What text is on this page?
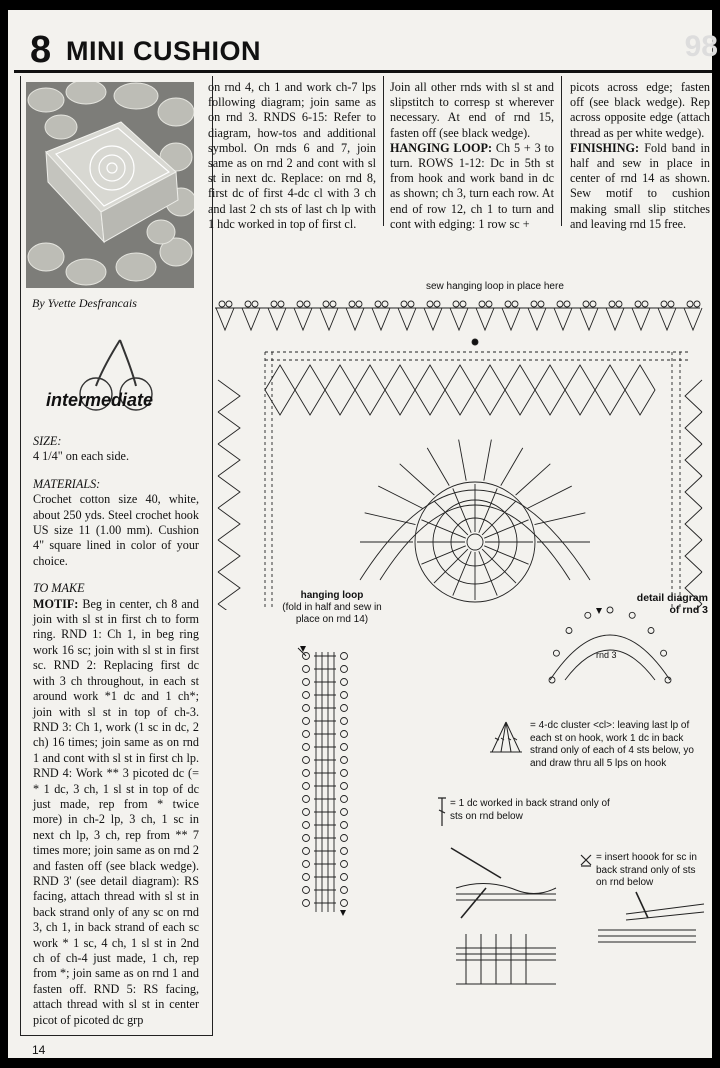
8 MINI CUSHION	98
By Yvette Desfrancais
intermediate

SIZE:

4 1/4" on each side.

MATERIALS:

Crochet cotton size 40, white, about 250 yds. Steel crochet hook US size 11 (1.00 mm). Cushion 4" square lined in color of your choice.

TO MAKE

MOTIF: Beg in center, ch 8 and join with sl st in first ch to form ring. RND 1: Ch 1, in beg ring work 16 sc; join with sl st in first sc. RND 2: Replacing first dc with 3 ch throughout, in each st around work *1 dc and 1 ch*; join with sl st in top of ch-3. RND 3: Ch 1, work (1 sc in dc, 2 ch) 16 times; join same as on rnd 1 and cont with sl st in first ch lp. RND 4: Work ** 3 picoted dc (= * 1 dc, 3 ch, 1 sl st in top of dc just made, rep from * twice more) in ch-2 lp, 3 ch, 1 sc in next ch lp, 3 ch, rep from ** 7 times more; join same as on rnd 2 and fasten off (see black wedge). RND 3' (see detail diagram): RS facing, attach thread with sl st in back strand only of any sc on rnd 3, ch 1, in back strand of each sc work * 1 sc, 4 ch, 1 sl st in 2nd ch of ch-4 just made, 1 ch, rep from *; join same as on rnd 1 and fasten off. RND 5: RS facing, attach thread with sl st in center picot of picoted dc grp

on rnd 4, ch 1 and work ch-7 lps following diagram; join same as on rnd 3. RNDS 6-15: Refer to diagram, how-tos and additional symbol. On rnds 6 and 7, join same as on rnd 2 and cont with sl st in next dc. Replace: on rnd 8, first dc of first 4-dc cl with 3 ch and last 2 ch sts of last ch lp with 1 hdc worked in top of first cl.

Join all other rnds with sl st and slipstitch to corresp st wherever necessary. At end of rnd 15, fasten off (see black wedge).

HANGING LOOP: Ch 5 + 3 to turn. ROWS 1-12: Dc in 5th st from hook and work band in dc as shown; ch 3, turn each row. At end of row 12, ch 1 to turn and cont with edging: 1 row sc +

picots across edge; fasten off (see black wedge). Rep across opposite edge (attach thread as per white wedge).

FINISHING: Fold band in half and sew in place in center of rnd 14 as shown. Sew motif to cushion making small slip stitches and leaving rnd 15 free.

sew hanging loop in place here
hanging loop
(fold in half and sew in place on rnd 14)
detail diagram
of rnd 3
rnd 3
= 4-dc cluster <cl>: leaving last lp of each st on hook, work 1 dc in back strand only of each of 4 sts below, yo and draw thru all 5 lps on hook
= 1 dc worked in back strand only of sts on rnd below
= insert hoook for sc in back strand only of sts on rnd below
14
